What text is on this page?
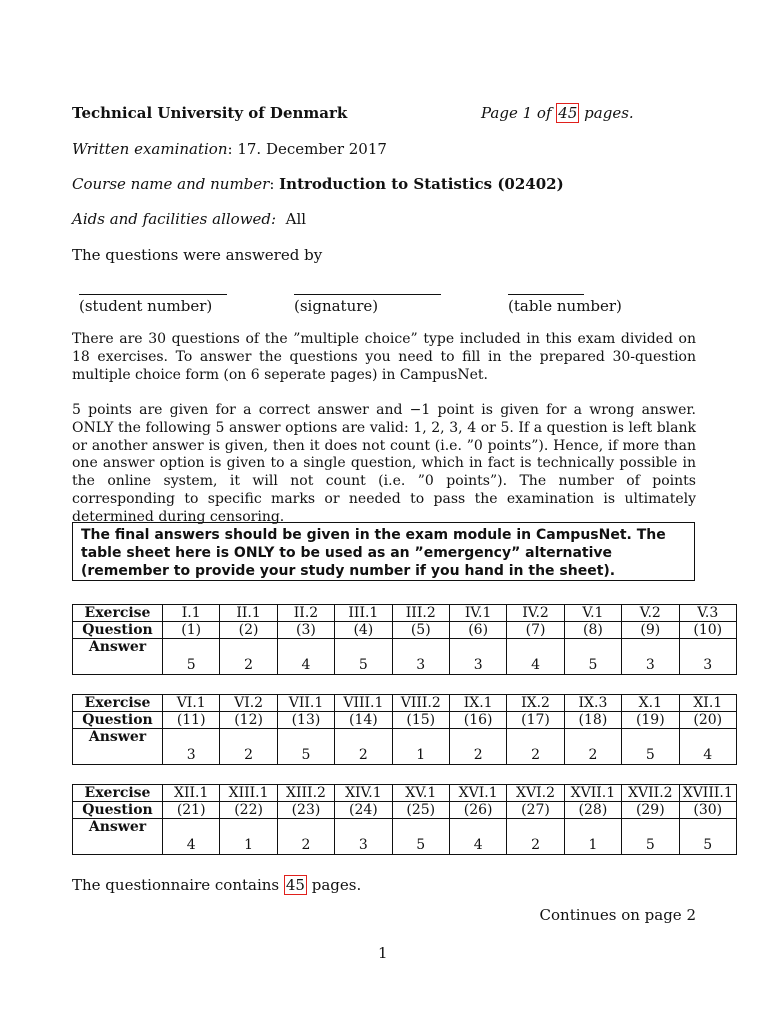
Technical University of Denmark	Page 1 of 45 pages.
Written examination: 17. December 2017
Course name and number: Introduction to Statistics (02402)
Aids and facilities allowed: All
The questions were answered by
(student number)	(signature)	(table number)
There are 30 questions of the ”multiple choice” type included in this exam divided on 18 exercises. To answer the questions you need to fill in the prepared 30-question multiple choice form (on 6 seperate pages) in CampusNet.
5 points are given for a correct answer and −1 point is given for a wrong answer. ONLY the following 5 answer options are valid: 1, 2, 3, 4 or 5. If a question is left blank or another answer is given, then it does not count (i.e. ”0 points”). Hence, if more than one answer option is given to a single question, which in fact is technically possible in the online system, it will not count (i.e. ”0 points”). The number of points corresponding to specific marks or needed to pass the examination is ultimately determined during censoring.
The final answers should be given in the exam module in CampusNet. The table sheet here is ONLY to be used as an ”emergency” alternative (remember to provide your study number if you hand in the sheet).
Exercise	I.1	II.1	II.2	III.1	III.2	IV.1	IV.2	V.1	V.2	V.3
Question	(1)	(2)	(3)	(4)	(5)	(6)	(7)	(8)	(9)	(10)
Answer	5	2	4	5	3	3	4	5	3	3
Exercise	VI.1	VI.2	VII.1	VIII.1	VIII.2	IX.1	IX.2	IX.3	X.1	XI.1
Question	(11)	(12)	(13)	(14)	(15)	(16)	(17)	(18)	(19)	(20)
Answer	3	2	5	2	1	2	2	2	5	4
Exercise	XII.1	XIII.1	XIII.2	XIV.1	XV.1	XVI.1	XVI.2	XVII.1	XVII.2	XVIII.1
Question	(21)	(22)	(23)	(24)	(25)	(26)	(27)	(28)	(29)	(30)
Answer	4	1	2	3	5	4	2	1	5	5
The questionnaire contains 45 pages.
Continues on page 2
1
